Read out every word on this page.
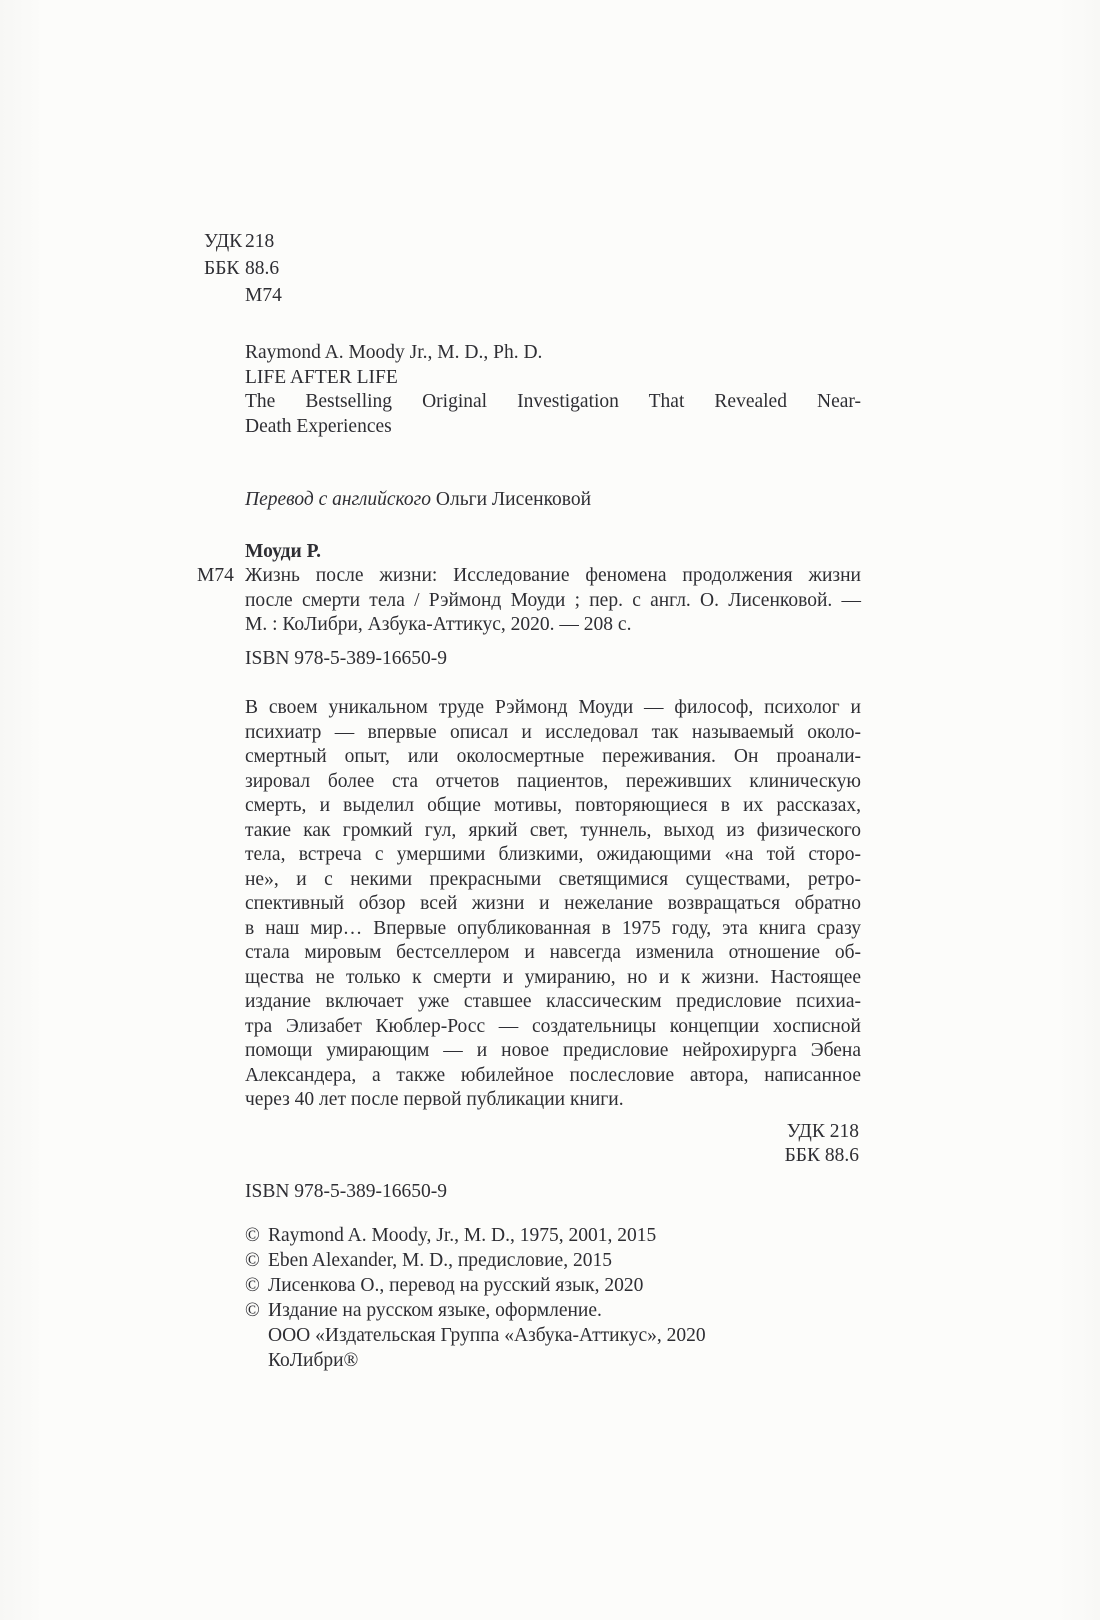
УДК 218
ББК 88.6
М74
Raymond A. Moody Jr., M. D., Ph. D.
LIFE AFTER LIFE
The Bestselling Original Investigation That Revealed Near-
Death Experiences
Перевод с английского Ольги Лисенковой
Моуди Р.
М74 Жизнь после жизни: Исследование феномена продолжения жизни
после смерти тела / Рэймонд Моуди ; пер. с англ. О. Лисенковой. —
М. : КоЛибри, Азбука-Аттикус, 2020. — 208 с.
ISBN 978-5-389-16650-9
В своем уникальном труде Рэймонд Моуди — философ, психолог и
психиатр — впервые описал и исследовал так называемый около-
смертный опыт, или околосмертные переживания. Он проанали-
зировал более ста отчетов пациентов, переживших клиническую
смерть, и выделил общие мотивы, повторяющиеся в их рассказах,
такие как громкий гул, яркий свет, туннель, выход из физического
тела, встреча с умершими близкими, ожидающими «на той сторо-
не», и с некими прекрасными светящимися существами, ретро-
спективный обзор всей жизни и нежелание возвращаться обратно
в наш мир… Впервые опубликованная в 1975 году, эта книга сразу
стала мировым бестселлером и навсегда изменила отношение об-
щества не только к смерти и умиранию, но и к жизни. Настоящее
издание включает уже ставшее классическим предисловие психиа-
тра Элизабет Кюблер-Росс — создательницы концепции хосписной
помощи умирающим — и новое предисловие нейрохирурга Эбена
Александера, а также юбилейное послесловие автора, написанное
через 40 лет после первой публикации книги.
УДК 218
ББК 88.6
ISBN 978-5-389-16650-9
© Raymond A. Moody, Jr., M. D., 1975, 2001, 2015
© Eben Alexander, M. D., предисловие, 2015
© Лисенкова О., перевод на русский язык, 2020
© Издание на русском языке, оформление.
ООО «Издательская Группа «Азбука-Аттикус», 2020
КоЛибри®
